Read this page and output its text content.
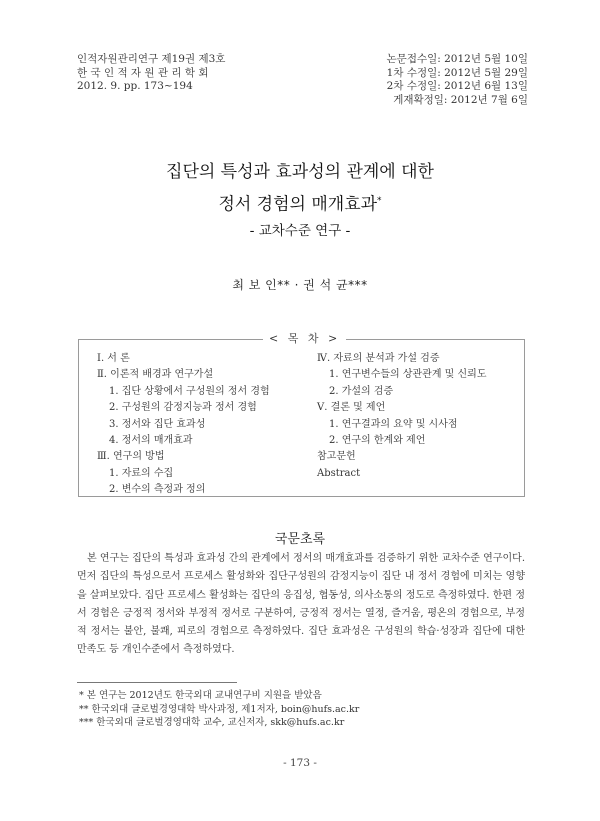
인적자원관리연구 제19권 제3호
한 국 인 적 자 원 관 리 학 회
2012. 9. pp. 173~194
논문접수일: 2012년 5월 10일
1차 수정일: 2012년 5월 29일
2차 수정일: 2012년 6월 13일
게재확정일: 2012년 7월 6일
집단의 특성과 효과성의 관계에 대한
정서 경험의 매개효과*
- 교차수준 연구 -
최 보 인** · 권 석 균***
< 목 차 >
Ⅰ. 서 론
Ⅱ. 이론적 배경과 연구가설
1. 집단 상황에서 구성원의 정서 경험
2. 구성원의 감정지능과 정서 경험
3. 정서와 집단 효과성
4. 정서의 매개효과
Ⅲ. 연구의 방법
1. 자료의 수집
2. 변수의 측정과 정의
Ⅳ. 자료의 분석과 가설 검증
1. 연구변수들의 상관관계 및 신뢰도
2. 가설의 검증
Ⅴ. 결론 및 제언
1. 연구결과의 요약 및 시사점
2. 연구의 한계와 제언
참고문헌
Abstract
국문초록
본 연구는 집단의 특성과 효과성 간의 관계에서 정서의 매개효과를 검증하기 위한 교차수준 연구이다. 먼저 집단의 특성으로서 프로세스 활성화와 집단구성원의 감정지능이 집단 내 정서 경험에 미치는 영향을 살펴보았다. 집단 프로세스 활성화는 집단의 응집성, 협동성, 의사소통의 정도로 측정하였다. 한편 정서 경험은 긍정적 정서와 부정적 정서로 구분하여, 긍정적 정서는 열정, 즐거움, 평온의 경험으로, 부정적 정서는 불안, 불쾌, 피로의 경험으로 측정하였다. 집단 효과성은 구성원의 학습·성장과 집단에 대한 만족도 등 개인수준에서 측정하였다.
* 본 연구는 2012년도 한국외대 교내연구비 지원을 받았음
** 한국외대 글로벌경영대학 박사과정, 제1저자, boin@hufs.ac.kr
*** 한국외대 글로벌경영대학 교수, 교신저자, skk@hufs.ac.kr
- 173 -
